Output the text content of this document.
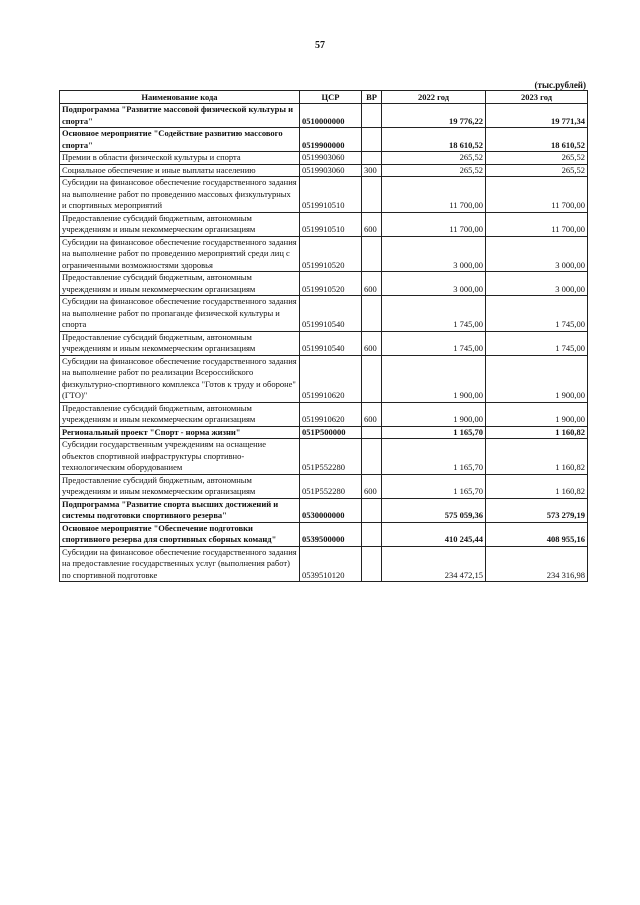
57
(тыс.рублей)
Наименование кода	ЦСР	ВР	2022 год	2023 год
Подпрограмма "Развитие массовой физической культуры и спорта"	0510000000		19 776,22	19 771,34
Основное мероприятие "Содействие развитию массового спорта"	0519900000		18 610,52	18 610,52
Премии в области физической культуры и спорта	0519903060		265,52	265,52
Социальное обеспечение и иные выплаты населению	0519903060	300	265,52	265,52
Субсидии на финансовое обеспечение государственного задания на выполнение работ по проведению массовых физкультурных и спортивных мероприятий	0519910510		11 700,00	11 700,00
Предоставление субсидий бюджетным, автономным учреждениям и иным некоммерческим организациям	0519910510	600	11 700,00	11 700,00
Субсидии на финансовое обеспечение государственного задания на выполнение работ по проведению мероприятий среди лиц с ограниченными возможностями здоровья	0519910520		3 000,00	3 000,00
Предоставление субсидий бюджетным, автономным учреждениям и иным некоммерческим организациям	0519910520	600	3 000,00	3 000,00
Субсидии на финансовое обеспечение государственного задания на выполнение работ по пропаганде физической культуры и спорта	0519910540		1 745,00	1 745,00
Предоставление субсидий бюджетным, автономным учреждениям и иным некоммерческим организациям	0519910540	600	1 745,00	1 745,00
Субсидии на финансовое обеспечение государственного задания на выполнение работ по реализации Всероссийского физкультурно-спортивного комплекса "Готов к труду и обороне" (ГТО)"	0519910620		1 900,00	1 900,00
Предоставление субсидий бюджетным, автономным учреждениям и иным некоммерческим организациям	0519910620	600	1 900,00	1 900,00
Региональный проект "Спорт - норма жизни"	051P500000		1 165,70	1 160,82
Субсидии государственным учреждениям на оснащение объектов спортивной инфраструктуры спортивно-технологическим оборудованием	051P552280		1 165,70	1 160,82
Предоставление субсидий бюджетным, автономным учреждениям и иным некоммерческим организациям	051P552280	600	1 165,70	1 160,82
Подпрограмма "Развитие спорта высших достижений и системы подготовки спортивного резерва"	0530000000		575 059,36	573 279,19
Основное мероприятие "Обеспечение подготовки спортивного резерва для спортивных сборных команд"	0539500000		410 245,44	408 955,16
Субсидии на финансовое обеспечение государственного задания на предоставление государственных услуг (выполнения работ) по спортивной подготовке	0539510120		234 472,15	234 316,98
